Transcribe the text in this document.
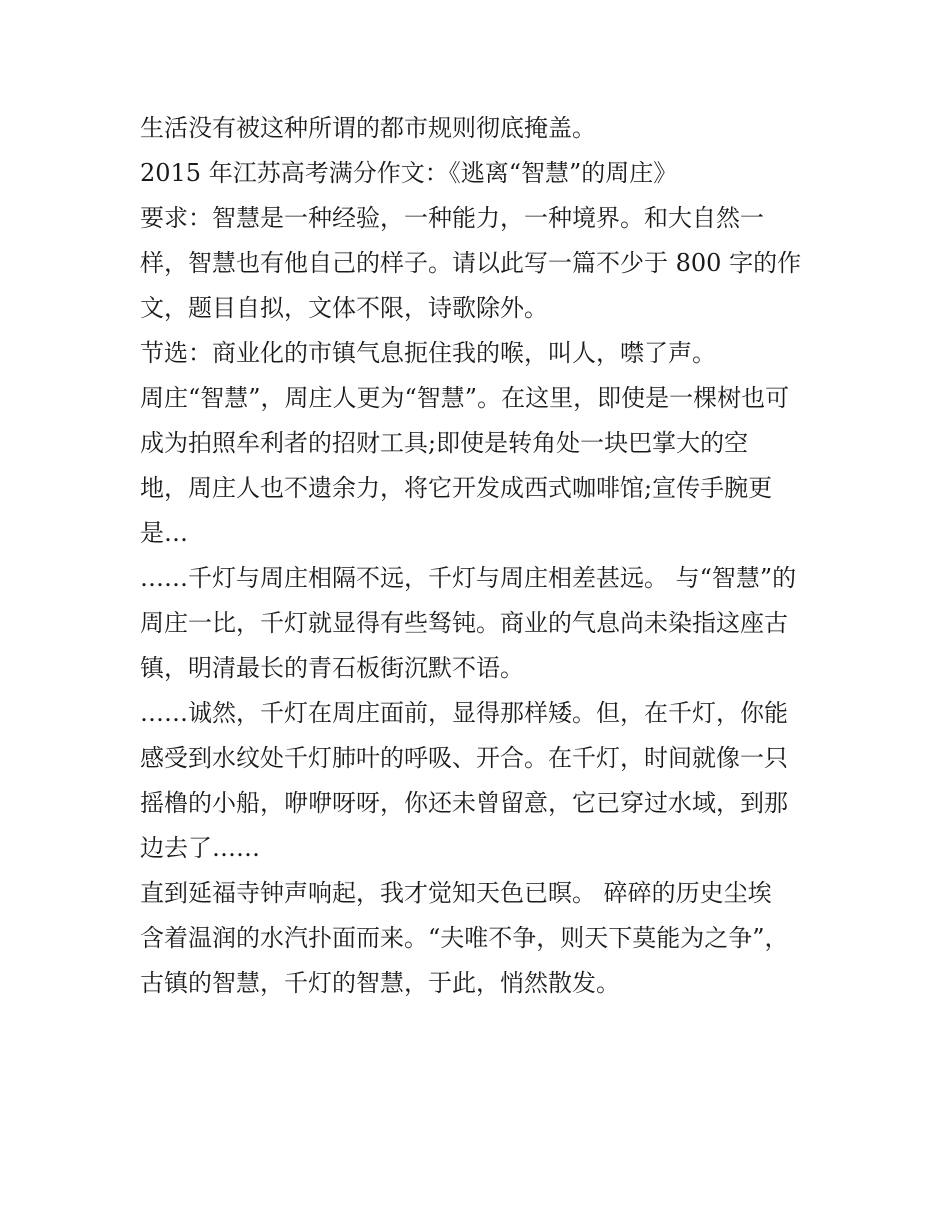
生活没有被这种所谓的都市规则彻底掩盖。
2015 年江苏高考满分作文：《逃离“智慧”的周庄》
要求：智慧是一种经验，一种能力，一种境界。和大自然一
样，智慧也有他自己的样子。请以此写一篇不少于 800 字的作
文，题目自拟，文体不限，诗歌除外。
节选：商业化的市镇气息扼住我的喉，叫人，噤了声。
周庄“智慧”，周庄人更为“智慧”。在这里，即使是一棵树也可
成为拍照牟利者的招财工具;即使是转角处一块巴掌大的空
地，周庄人也不遗余力，将它开发成西式咖啡馆;宣传手腕更
是…
……千灯与周庄相隔不远，千灯与周庄相差甚远。 与“智慧”的
周庄一比，千灯就显得有些驽钝。商业的气息尚未染指这座古
镇，明清最长的青石板街沉默不语。
……诚然，千灯在周庄面前，显得那样矮。但，在千灯，你能
感受到水纹处千灯肺叶的呼吸、开合。在千灯，时间就像一只
摇橹的小船，咿咿呀呀，你还未曾留意，它已穿过水域，到那
边去了……
直到延福寺钟声响起，我才觉知天色已暝。 碎碎的历史尘埃
含着温润的水汽扑面而来。“夫唯不争，则天下莫能为之争”，
古镇的智慧，千灯的智慧，于此，悄然散发。
